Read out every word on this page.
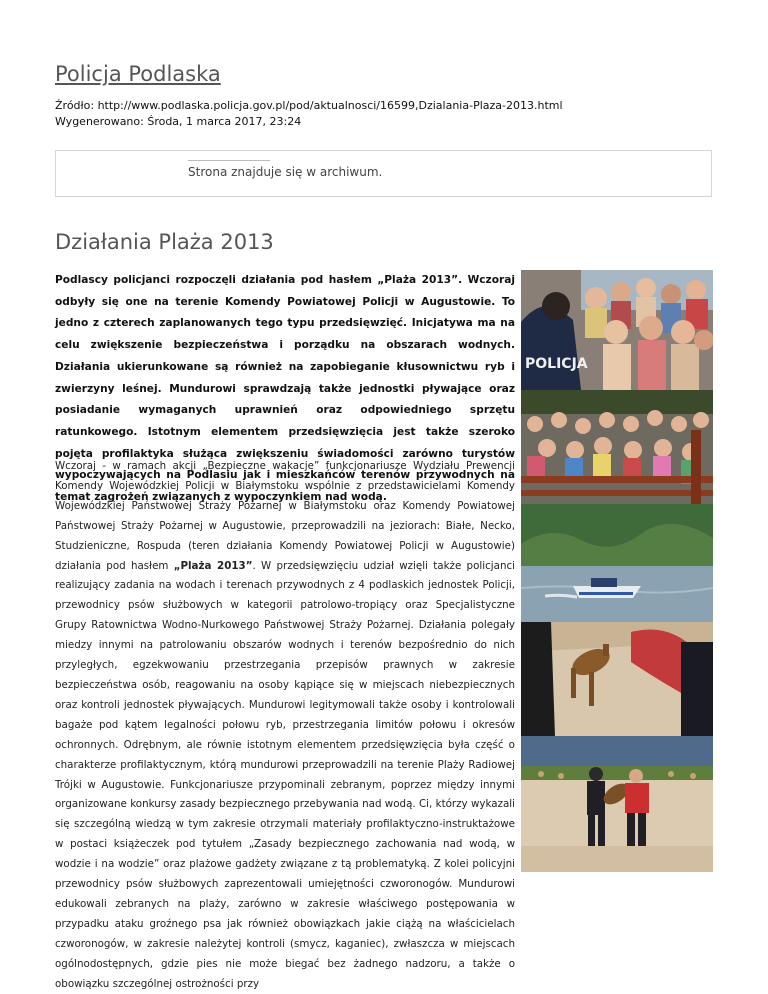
Policja Podlaska
Źródło: http://www.podlaska.policja.gov.pl/pod/aktualnosci/16599,Dzialania-Plaza-2013.html
Wygenerowano: Środa, 1 marca 2017, 23:24
Strona znajduje się w archiwum.
Działania Plaża 2013

Podlascy policjanci rozpoczęli działania pod hasłem „Plaża 2013”. Wczoraj odbyły się one na terenie Komendy Powiatowej Policji w Augustowie. To jedno z czterech zaplanowanych tego typu przedsięwzięć. Inicjatywa ma na celu zwiększenie bezpieczeństwa i porządku na obszarach wodnych. Działania ukierunkowane są również na zapobieganie kłusownictwu ryb i zwierzyny leśnej. Mundurowi sprawdzają także jednostki pływające oraz posiadanie wymaganych uprawnień oraz odpowiedniego sprzętu ratunkowego. Istotnym elementem przedsięwzięcia jest także szeroko pojęta profilaktyka służąca zwiększeniu świadomości zarówno turystów wypoczywających na Podlasiu jak i mieszkańców terenów przywodnych na temat zagrożeń związanych z wypoczynkiem nad wodą.

Wczoraj - w ramach akcji „Bezpieczne wakacje” funkcjonariusze Wydziału Prewencji Komendy Wojewódzkiej Policji w Białymstoku wspólnie z przedstawicielami Komendy Wojewódzkiej Państwowej Straży Pożarnej w Białymstoku oraz Komendy Powiatowej Państwowej Straży Pożarnej w Augustowie, przeprowadzili na jeziorach: Białe, Necko, Studzieniczne, Rospuda (teren działania Komendy Powiatowej Policji w Augustowie) działania pod hasłem „Plaża 2013”. W przedsięwzięciu udział wzięli także policjanci realizujący zadania na wodach i terenach przywodnych z 4 podlaskich jednostek Policji, przewodnicy psów służbowych w kategorii patrolowo-tropiący oraz Specjalistyczne Grupy Ratownictwa Wodno-Nurkowego Państwowej Straży Pożarnej. Działania polegały miedzy innymi na patrolowaniu obszarów wodnych i terenów bezpośrednio do nich przyległych, egzekwowaniu przestrzegania przepisów prawnych w zakresie bezpieczeństwa osób, reagowaniu na osoby kąpiące się w miejscach niebezpiecznych oraz kontroli jednostek pływających. Mundurowi legitymowali także osoby i kontrolowali bagaże pod kątem legalności połowu ryb, przestrzegania limitów połowu i okresów ochronnych. Odrębnym, ale równie istotnym elementem przedsięwzięcia była część o charakterze profilaktycznym, którą mundurowi przeprowadzili na terenie Plaży Radiowej Trójki w Augustowie. Funkcjonariusze przypominali zebranym, poprzez między innymi organizowane konkursy zasady bezpiecznego przebywania nad wodą. Ci, którzy wykazali się szczególną wiedzą w tym zakresie otrzymali materiały profilaktyczno-instruktażowe w postaci książeczek pod tytułem „Zasady bezpiecznego zachowania nad wodą, w wodzie i na wodzie” oraz plażowe gadżety związane z tą problematyką. Z kolei policyjni przewodnicy psów służbowych zaprezentowali umiejętności czworonogów. Mundurowi edukowali zebranych na plaży, zarówno w zakresie właściwego postępowania w przypadku ataku groźnego psa jak również obowiązkach jakie ciążą na właścicielach czworonogów, w zakresie należytej kontroli (smycz, kaganiec), zwłaszcza w miejscach ogólnodostępnych, gdzie pies nie może biegać bez żadnego nadzoru, a także o obowiązku szczególnej ostrożności przy

POLICJA
